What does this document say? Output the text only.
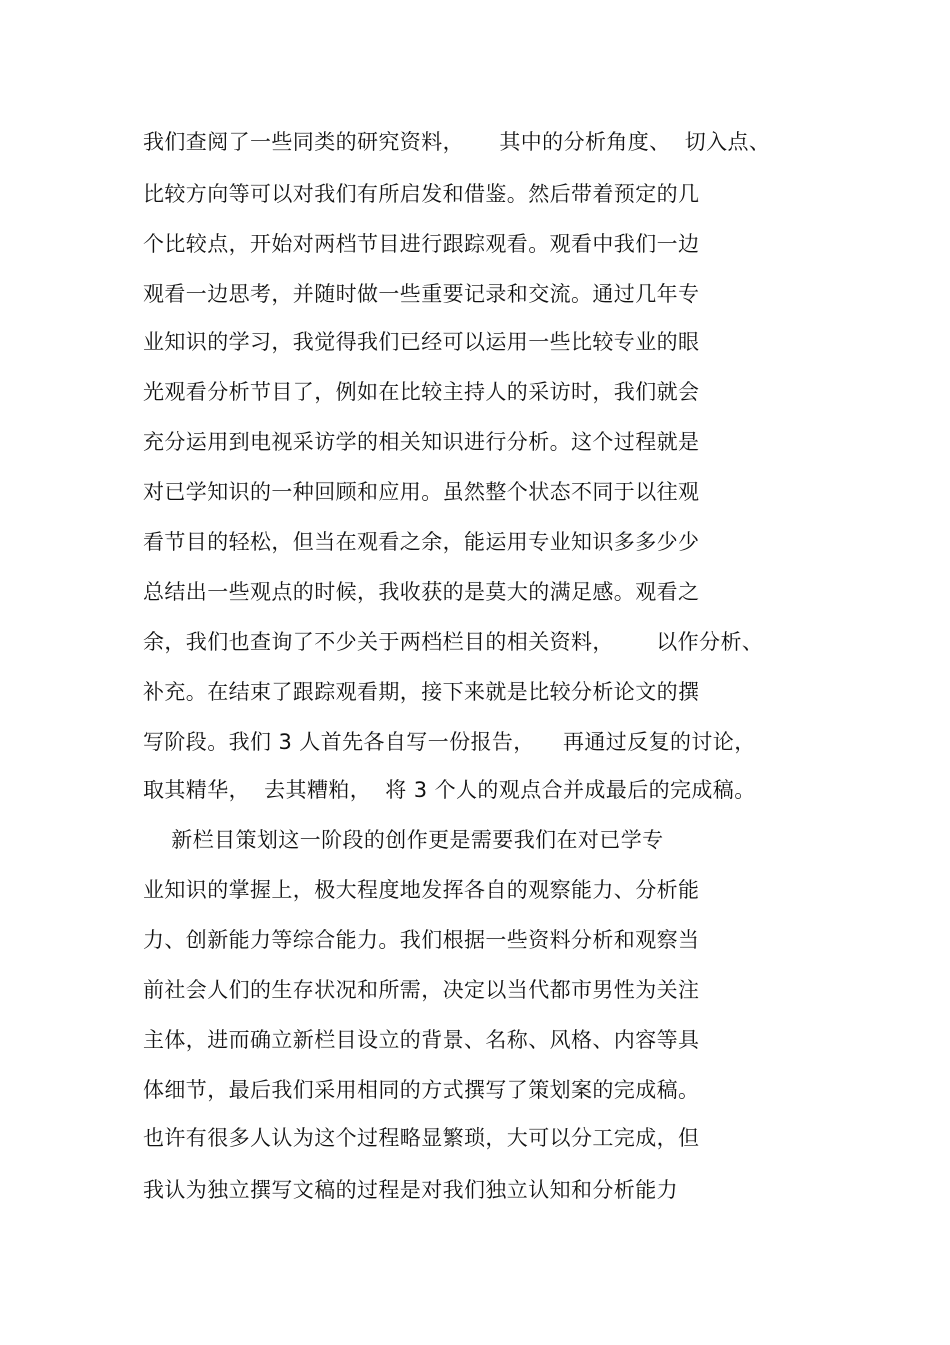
我们查阅了一些同类的研究资料，     其中的分析角度、  切入点、
比较方向等可以对我们有所启发和借鉴。然后带着预定的几
个比较点，开始对两档节目进行跟踪观看。观看中我们一边
观看一边思考，并随时做一些重要记录和交流。通过几年专
业知识的学习，我觉得我们已经可以运用一些比较专业的眼
光观看分析节目了，例如在比较主持人的采访时，我们就会
充分运用到电视采访学的相关知识进行分析。这个过程就是
对已学知识的一种回顾和应用。虽然整个状态不同于以往观
看节目的轻松，但当在观看之余，能运用专业知识多多少少
总结出一些观点的时候，我收获的是莫大的满足感。观看之
余，我们也查询了不少关于两档栏目的相关资料，      以作分析、
补充。在结束了跟踪观看期，接下来就是比较分析论文的撰
写阶段。我们 3 人首先各自写一份报告，    再通过反复的讨论，
取其精华，  去其糟粕，  将 3 个人的观点合并成最后的完成稿。
新栏目策划这一阶段的创作更是需要我们在对已学专
业知识的掌握上，极大程度地发挥各自的观察能力、分析能
力、创新能力等综合能力。我们根据一些资料分析和观察当
前社会人们的生存状况和所需，决定以当代都市男性为关注
主体，进而确立新栏目设立的背景、名称、风格、内容等具
体细节，最后我们采用相同的方式撰写了策划案的完成稿。
也许有很多人认为这个过程略显繁琐，大可以分工完成，但
我认为独立撰写文稿的过程是对我们独立认知和分析能力
